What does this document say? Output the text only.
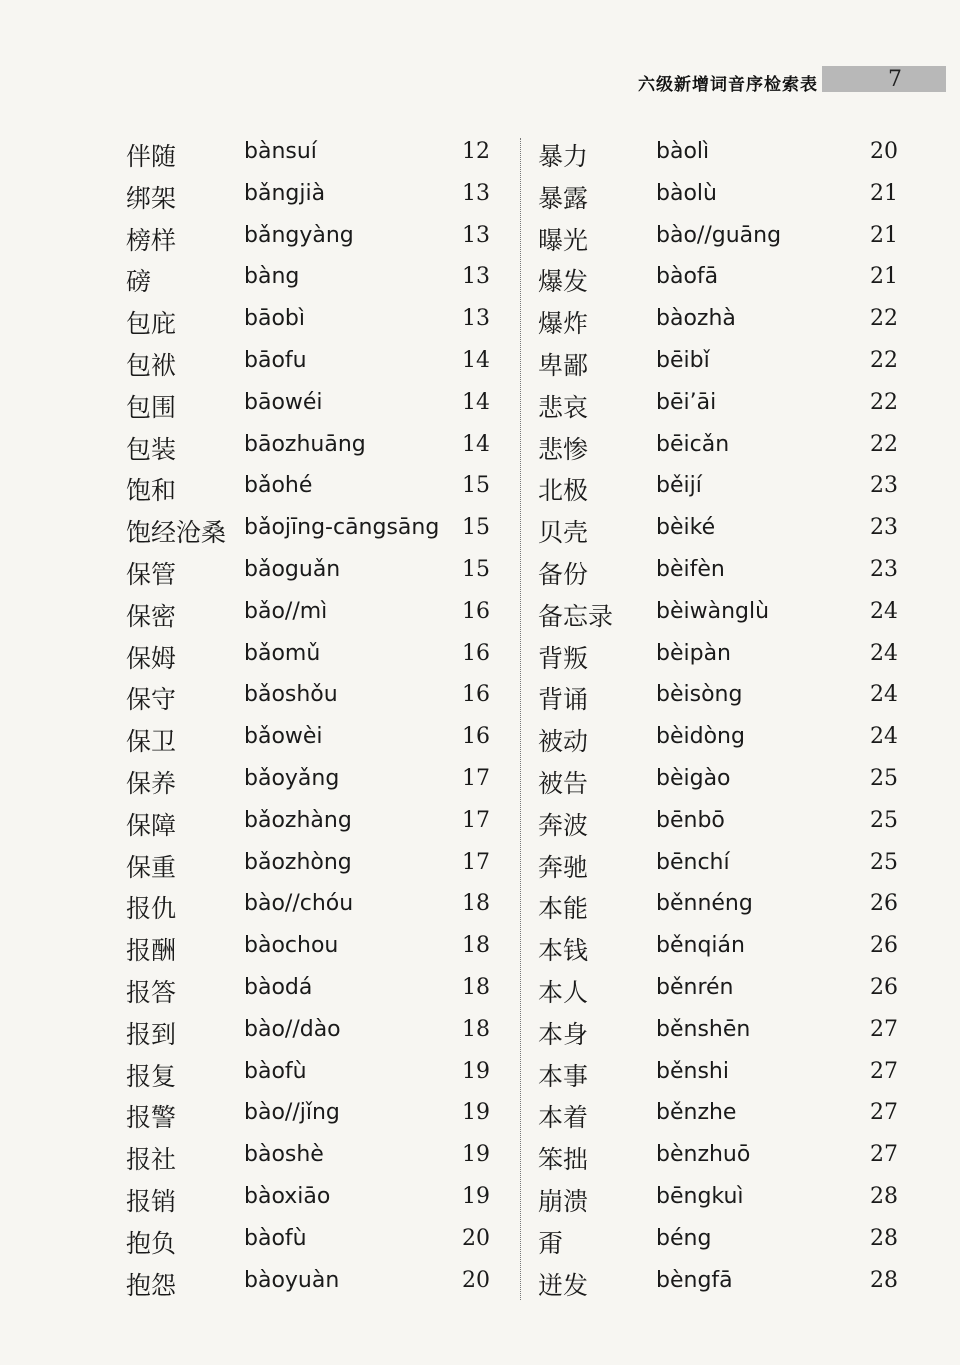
六级新增词音序检索表	7
伴随	bànsuí	12
绑架	bǎngjià	13
榜样	bǎngyàng	13
磅	bàng	13
包庇	bāobì	13
包袱	bāofu	14
包围	bāowéi	14
包装	bāozhuāng	14
饱和	bǎohé	15
饱经沧桑 bǎojīng-cāngsāng 15
保管	bǎoguǎn	15
保密	bǎo//mì	16
保姆	bǎomǔ	16
保守	bǎoshǒu	16
保卫	bǎowèi	16
保养	bǎoyǎng	17
保障	bǎozhàng	17
保重	bǎozhòng	17
报仇	bào//chóu	18
报酬	bàochou	18
报答	bàodá	18
报到	bào//dào	18
报复	bàofù	19
报警	bào//jǐng	19
报社	bàoshè	19
报销	bàoxiāo	19
抱负	bàofù	20
抱怨	bàoyuàn	20
暴力	bàolì	20
暴露	bàolù	21
曝光	bào//guāng	21
爆发	bàofā	21
爆炸	bàozhà	22
卑鄙	bēibǐ	22
悲哀	bēi’āi	22
悲惨	bēicǎn	22
北极	běijí	23
贝壳	bèiké	23
备份	bèifèn	23
备忘录 bèiwànglù	24
背叛	bèipàn	24
背诵	bèisòng	24
被动	bèidòng	24
被告	bèigào	25
奔波	bēnbō	25
奔驰	bēnchí	25
本能	běnnéng	26
本钱	běnqián	26
本人	běnrén	26
本身	běnshēn	27
本事	běnshi	27
本着	běnzhe	27
笨拙	bènzhuō	27
崩溃	bēngkuì	28
甭	béng	28
迸发	bèngfā	28
